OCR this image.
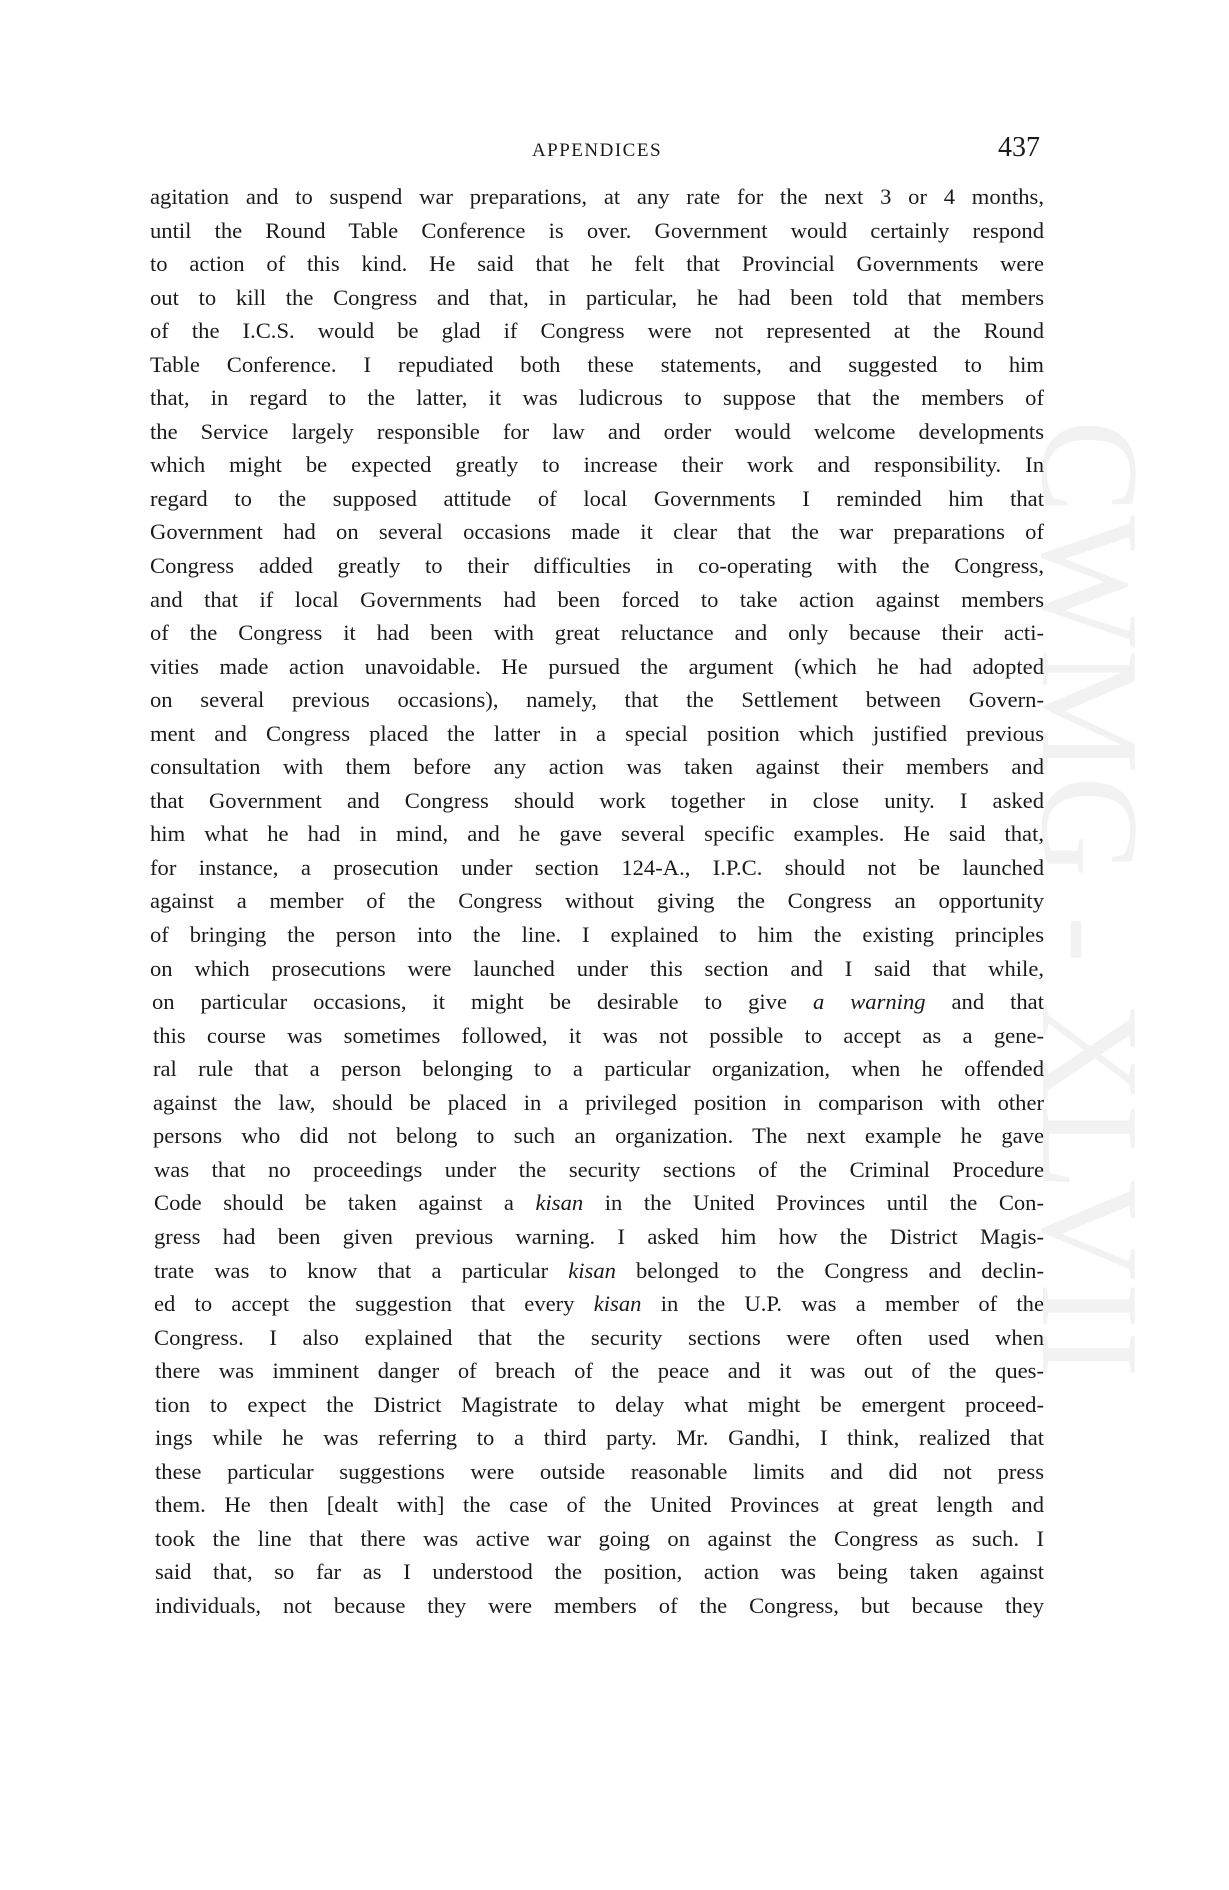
CWMG - XLVII
APPENDICES	437
agitation and to suspend war preparations, at any rate for the next 3 or 4 months,
until the Round Table Conference is over. Government would certainly respond
to action of this kind. He said that he felt that Provincial Governments were
out to kill the Congress and that, in particular, he had been told that members
of the I.C.S. would be glad if Congress were not represented at the Round
Table Conference. I repudiated both these statements, and suggested to him
that, in regard to the latter, it was ludicrous to suppose that the members of
the Service largely responsible for law and order would welcome developments
which might be expected greatly to increase their work and responsibility. In
regard to the supposed attitude of local Governments I reminded him that
Government had on several occasions made it clear that the war preparations of
Congress added greatly to their difficulties in co-operating with the Congress,
and that if local Governments had been forced to take action against members
of the Congress it had been with great reluctance and only because their acti-
vities made action unavoidable. He pursued the argument (which he had adopted
on several previous occasions), namely, that the Settlement between Govern-
ment and Congress placed the latter in a special position which justified previous
consultation with them before any action was taken against their members and
that Government and Congress should work together in close unity. I asked
him what he had in mind, and he gave several specific examples. He said that,
for instance, a prosecution under section 124-A., I.P.C. should not be launched
against a member of the Congress without giving the Congress an opportunity
of bringing the person into the line. I explained to him the existing principles
on which prosecutions were launched under this section and I said that while,
on particular occasions, it might be desirable to give a warning and that
this course was sometimes followed, it was not possible to accept as a gene-
ral rule that a person belonging to a particular organization, when he offended
against the law, should be placed in a privileged position in comparison with other
persons who did not belong to such an organization. The next example he gave
was that no proceedings under the security sections of the Criminal Procedure
Code should be taken against a kisan in the United Provinces until the Con-
gress had been given previous warning. I asked him how the District Magis-
trate was to know that a particular kisan belonged to the Congress and declin-
ed to accept the suggestion that every kisan in the U.P. was a member of the
Congress. I also explained that the security sections were often used when
there was imminent danger of breach of the peace and it was out of the ques-
tion to expect the District Magistrate to delay what might be emergent proceed-
ings while he was referring to a third party. Mr. Gandhi, I think, realized that
these particular suggestions were outside reasonable limits and did not press
them. He then [dealt with] the case of the United Provinces at great length and
took the line that there was active war going on against the Congress as such. I
said that, so far as I understood the position, action was being taken against
individuals, not because they were members of the Congress, but because they
